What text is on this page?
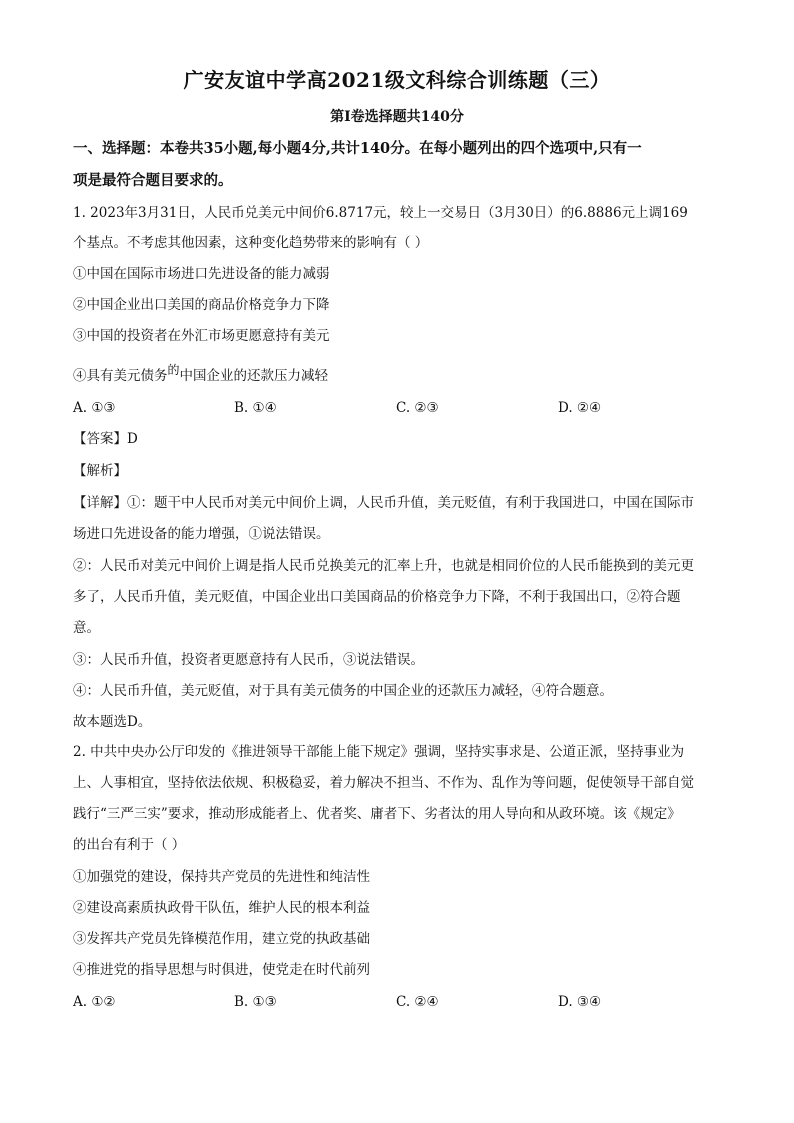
广安友谊中学高2021级文科综合训练题（三）
第Ⅰ卷选择题共140分
一、选择题：本卷共35小题,每小题4分,共计140分。在每小题列出的四个选项中,只有一
项是最符合题目要求的。
1. 2023年3月31日，人民币兑美元中间价6.8717元，较上一交易日（3月30日）的6.8886元上调169
个基点。不考虑其他因素，这种变化趋势带来的影响有（ ）
①中国在国际市场进口先进设备的能力减弱
②中国企业出口美国的商品价格竞争力下降
③中国的投资者在外汇市场更愿意持有美元
④具有美元债务的中国企业的还款压力减轻
A. ①③	B. ①④	C. ②③	D. ②④
【答案】D
【解析】
【详解】①：题干中人民币对美元中间价上调，人民币升值，美元贬值，有利于我国进口，中国在国际市
场进口先进设备的能力增强，①说法错误。
②：人民币对美元中间价上调是指人民币兑换美元的汇率上升，也就是相同价位的人民币能换到的美元更
多了，人民币升值，美元贬值，中国企业出口美国商品的价格竞争力下降，不利于我国出口，②符合题
意。
③：人民币升值，投资者更愿意持有人民币，③说法错误。
④：人民币升值，美元贬值，对于具有美元债务的中国企业的还款压力减轻，④符合题意。
故本题选D。
2. 中共中央办公厅印发的《推进领导干部能上能下规定》强调，坚持实事求是、公道正派，坚持事业为
上、人事相宜，坚持依法依规、积极稳妥，着力解决不担当、不作为、乱作为等问题，促使领导干部自觉
践行“三严三实”要求，推动形成能者上、优者奖、庸者下、劣者汰的用人导向和从政环境。该《规定》
的出台有利于（ ）
①加强党的建设，保持共产党员的先进性和纯洁性
②建设高素质执政骨干队伍，维护人民的根本利益
③发挥共产党员先锋模范作用，建立党的执政基础
④推进党的指导思想与时俱进，使党走在时代前列
A. ①②	B. ①③	C. ②④	D. ③④
